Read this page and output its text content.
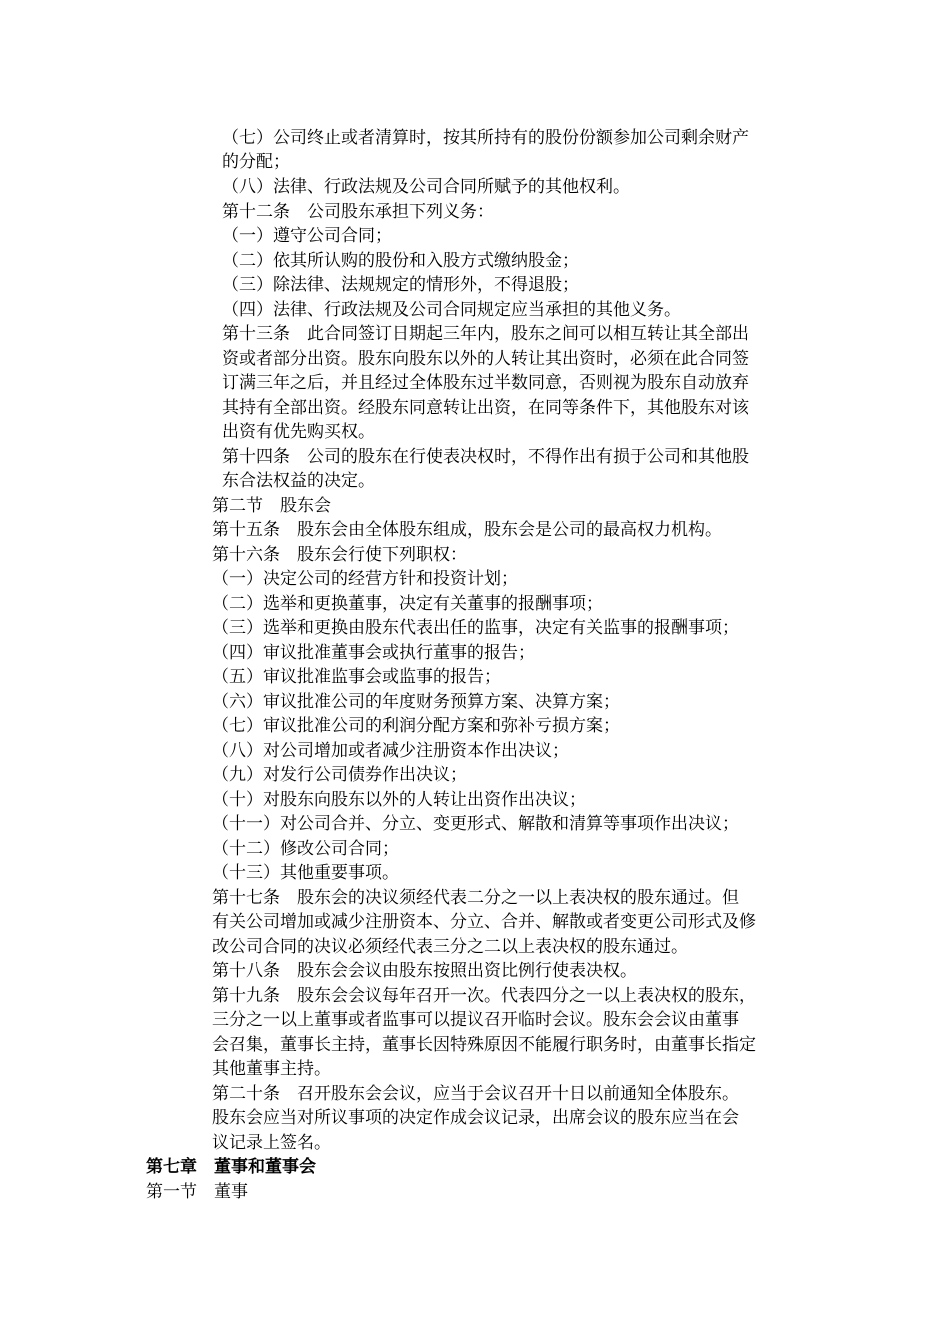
（七）公司终止或者清算时，按其所持有的股份份额参加公司剩余财产
的分配；
（八）法律、行政法规及公司合同所赋予的其他权利。
第十二条　公司股东承担下列义务：
（一）遵守公司合同；
（二）依其所认购的股份和入股方式缴纳股金；
（三）除法律、法规规定的情形外，不得退股；
（四）法律、行政法规及公司合同规定应当承担的其他义务。
第十三条　此合同签订日期起三年内，股东之间可以相互转让其全部出
资或者部分出资。股东向股东以外的人转让其出资时，必须在此合同签
订满三年之后，并且经过全体股东过半数同意，否则视为股东自动放弃
其持有全部出资。经股东同意转让出资，在同等条件下，其他股东对该
出资有优先购买权。
第十四条　公司的股东在行使表决权时，不得作出有损于公司和其他股
东合法权益的决定。
第二节　股东会
第十五条　股东会由全体股东组成，股东会是公司的最高权力机构。
第十六条　股东会行使下列职权：
（一）决定公司的经营方针和投资计划；
（二）选举和更换董事，决定有关董事的报酬事项；
（三）选举和更换由股东代表出任的监事，决定有关监事的报酬事项；
（四）审议批准董事会或执行董事的报告；
（五）审议批准监事会或监事的报告；
（六）审议批准公司的年度财务预算方案、决算方案；
（七）审议批准公司的利润分配方案和弥补亏损方案；
（八）对公司增加或者减少注册资本作出决议；
（九）对发行公司债券作出决议；
（十）对股东向股东以外的人转让出资作出决议；
（十一）对公司合并、分立、变更形式、解散和清算等事项作出决议；
（十二）修改公司合同；
（十三）其他重要事项。
第十七条　股东会的决议须经代表二分之一以上表决权的股东通过。但
有关公司增加或减少注册资本、分立、合并、解散或者变更公司形式及修
改公司合同的决议必须经代表三分之二以上表决权的股东通过。
第十八条　股东会会议由股东按照出资比例行使表决权。
第十九条　股东会会议每年召开一次。代表四分之一以上表决权的股东，
三分之一以上董事或者监事可以提议召开临时会议。股东会会议由董事
会召集，董事长主持，董事长因特殊原因不能履行职务时，由董事长指定
其他董事主持。
第二十条　召开股东会会议，应当于会议召开十日以前通知全体股东。
股东会应当对所议事项的决定作成会议记录，出席会议的股东应当在会
议记录上签名。
第七章　董事和董事会
第一节　董事
